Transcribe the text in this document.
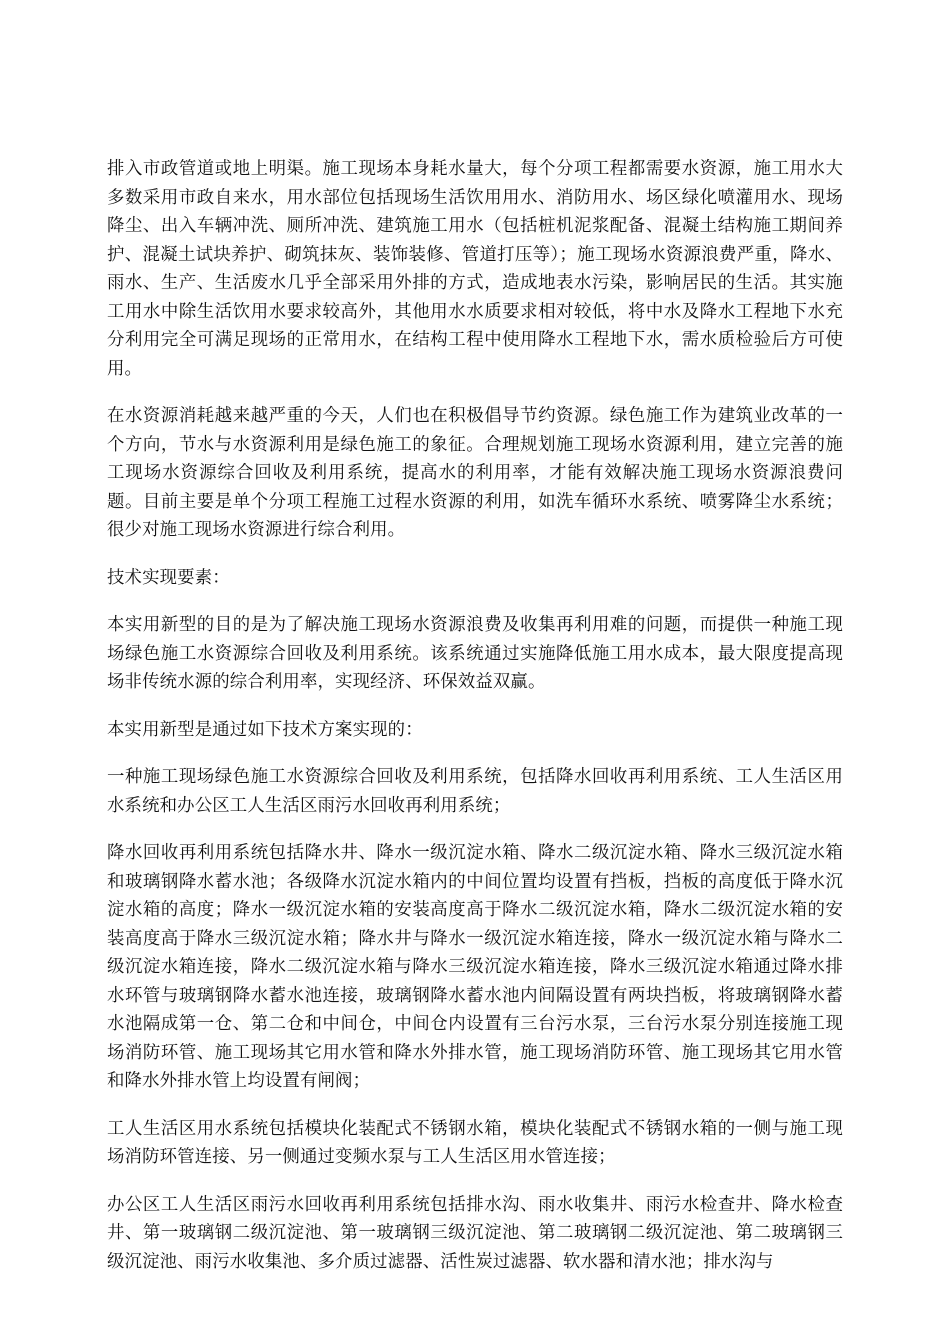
排入市政管道或地上明渠。施工现场本身耗水量大，每个分项工程都需要水资源，施工用水大多数采用市政自来水，用水部位包括现场生活饮用用水、消防用水、场区绿化喷灌用水、现场降尘、出入车辆冲洗、厕所冲洗、建筑施工用水（包括桩机泥浆配备、混凝土结构施工期间养护、混凝土试块养护、砌筑抹灰、装饰装修、管道打压等）；施工现场水资源浪费严重，降水、雨水、生产、生活废水几乎全部采用外排的方式，造成地表水污染，影响居民的生活。其实施工用水中除生活饮用水要求较高外，其他用水水质要求相对较低，将中水及降水工程地下水充分利用完全可满足现场的正常用水，在结构工程中使用降水工程地下水，需水质检验后方可使用。

在水资源消耗越来越严重的今天，人们也在积极倡导节约资源。绿色施工作为建筑业改革的一个方向，节水与水资源利用是绿色施工的象征。合理规划施工现场水资源利用，建立完善的施工现场水资源综合回收及利用系统，提高水的利用率，才能有效解决施工现场水资源浪费问题。目前主要是单个分项工程施工过程水资源的利用，如洗车循环水系统、喷雾降尘水系统；很少对施工现场水资源进行综合利用。

技术实现要素：

本实用新型的目的是为了解决施工现场水资源浪费及收集再利用难的问题，而提供一种施工现场绿色施工水资源综合回收及利用系统。该系统通过实施降低施工用水成本，最大限度提高现场非传统水源的综合利用率，实现经济、环保效益双赢。

本实用新型是通过如下技术方案实现的：

一种施工现场绿色施工水资源综合回收及利用系统，包括降水回收再利用系统、工人生活区用水系统和办公区工人生活区雨污水回收再利用系统；

降水回收再利用系统包括降水井、降水一级沉淀水箱、降水二级沉淀水箱、降水三级沉淀水箱和玻璃钢降水蓄水池；各级降水沉淀水箱内的中间位置均设置有挡板，挡板的高度低于降水沉淀水箱的高度；降水一级沉淀水箱的安装高度高于降水二级沉淀水箱，降水二级沉淀水箱的安装高度高于降水三级沉淀水箱；降水井与降水一级沉淀水箱连接，降水一级沉淀水箱与降水二级沉淀水箱连接，降水二级沉淀水箱与降水三级沉淀水箱连接，降水三级沉淀水箱通过降水排水环管与玻璃钢降水蓄水池连接，玻璃钢降水蓄水池内间隔设置有两块挡板，将玻璃钢降水蓄水池隔成第一仓、第二仓和中间仓，中间仓内设置有三台污水泵，三台污水泵分别连接施工现场消防环管、施工现场其它用水管和降水外排水管，施工现场消防环管、施工现场其它用水管和降水外排水管上均设置有闸阀；

工人生活区用水系统包括模块化装配式不锈钢水箱，模块化装配式不锈钢水箱的一侧与施工现场消防环管连接、另一侧通过变频水泵与工人生活区用水管连接；

办公区工人生活区雨污水回收再利用系统包括排水沟、雨水收集井、雨污水检查井、降水检查井、第一玻璃钢二级沉淀池、第一玻璃钢三级沉淀池、第二玻璃钢二级沉淀池、第二玻璃钢三级沉淀池、雨污水收集池、多介质过滤器、活性炭过滤器、软水器和清水池；排水沟与
